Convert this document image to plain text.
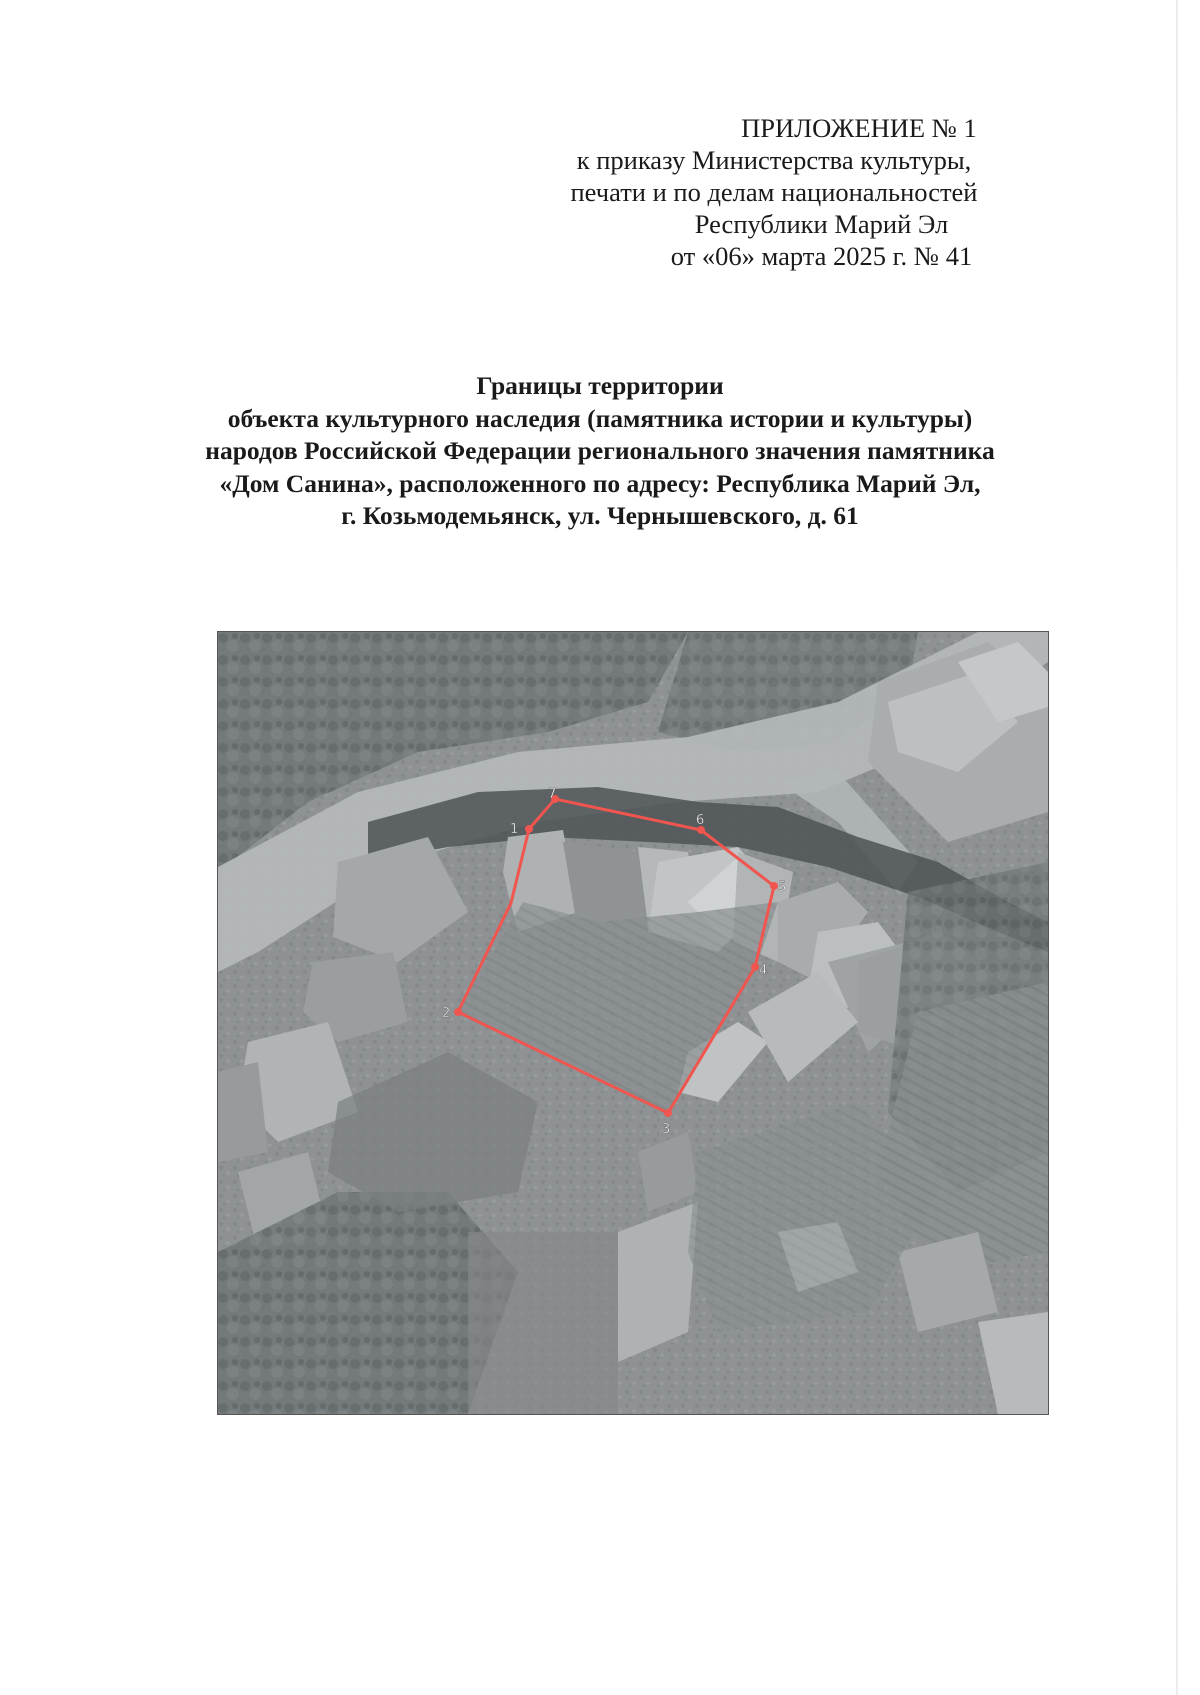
ПРИЛОЖЕНИЕ № 1
к приказу Министерства культуры,
печати и по делам национальностей
Республики Марий Эл
от «06» марта 2025 г. № 41
Границы территории
объекта культурного наследия (памятника истории и культуры)
народов Российской Федерации регионального значения памятника
«Дом Санина», расположенного по адресу: Республика Марий Эл,
г. Козьмодемьянск, ул. Чернышевского, д. 61
1
2
3
4
5
6
7
